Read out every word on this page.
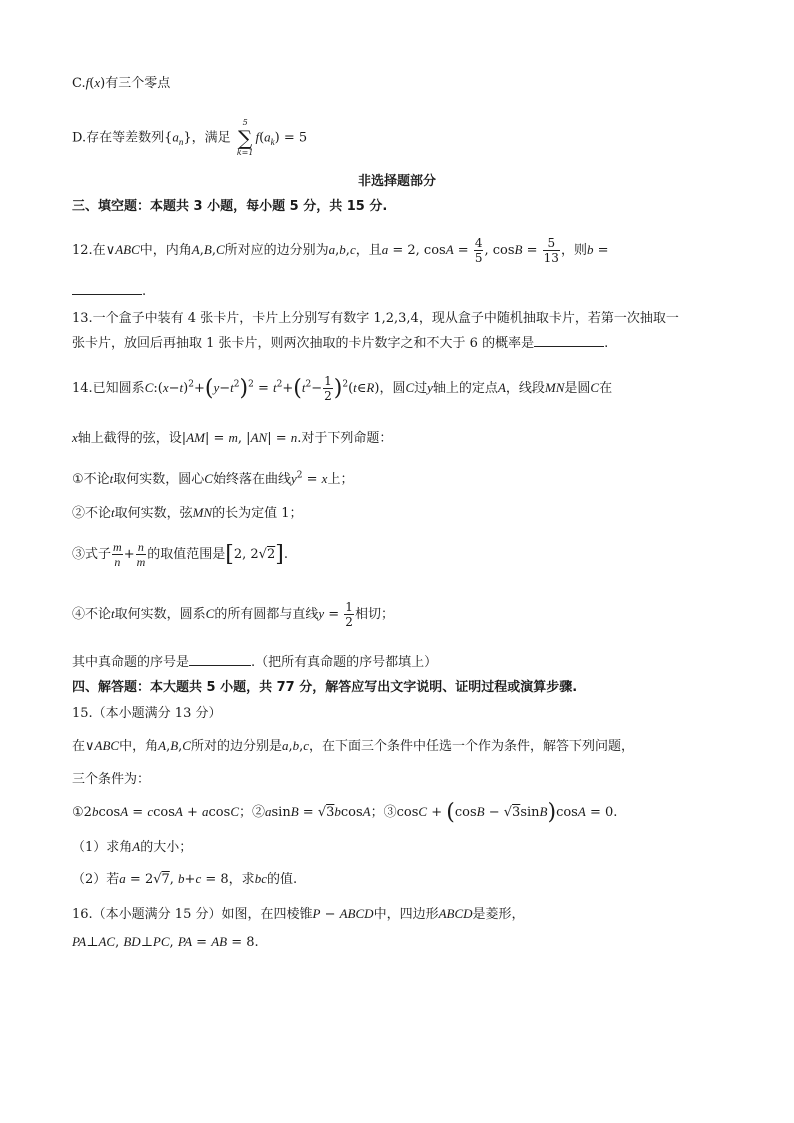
C.f(x)有三个零点
D.存在等差数列$\{a_n\}$，满足
5
∑
k=1
$f(a_k) = 5$
非选择题部分
三、填空题：本题共 3 小题，每小题 5 分，共 15 分.
12.在∨ABC中，内角A,B,C所对应的边分别为a,b,c，且a = 2, $\cos A = \frac{4}{5}$ , $\cos B = \frac{5}{13}$ ，则b =
.
13.一个盒子中装有 4 张卡片，卡片上分别写有数字 1,2,3,4，现从盒子中随机抽取卡片，若第一次抽取一
张卡片，放回后再抽取 1 张卡片，则两次抽取的卡片数字之和不大于 6 的概率是	.
14.已知圆系$C:(x-t)^2+(y-t^2)^2 = t^2+(t^2- \frac{1}{2}$ )$^2(t\in R)$，圆C过y轴上的定点A，线段MN是圆C在
x轴上截得的弦，设|AM| = m, |AN| = n.对于下列命题：
①不论t取何实数，圆心C始终落在曲线$y^2 = x$上；
②不论t取何实数，弦MN的长为定值 1；
③式子 $\frac{m}{n} + \frac{n}{m}$ 的取值范围是[2, 2√2].
④不论t取何实数，圆系C的所有圆都与直线$y = \frac{1}{2}$ 相切；
其中真命题的序号是	.（把所有真命题的序号都填上）
四、解答题：本大题共 5 小题，共 77 分，解答应写出文字说明、证明过程或演算步骤.
15.（本小题满分 13 分）
在∨ABC中，角A,B,C所对的边分别是a,b,c，在下面三个条件中任选一个作为条件，解答下列问题，
三个条件为：
①2bcosA = ccosA + acosC；②asinB = √3bcosA；③cosC + (cosB − √3sinB)cosA = 0.
（1）求角A的大小；
（2）若a = 2√7, b+c = 8，求bc的值.
16.（本小题满分 15 分）如图，在四棱锥P − ABCD中，四边形ABCD是菱形，
PA⊥AC, BD⊥PC, PA = AB = 8.
